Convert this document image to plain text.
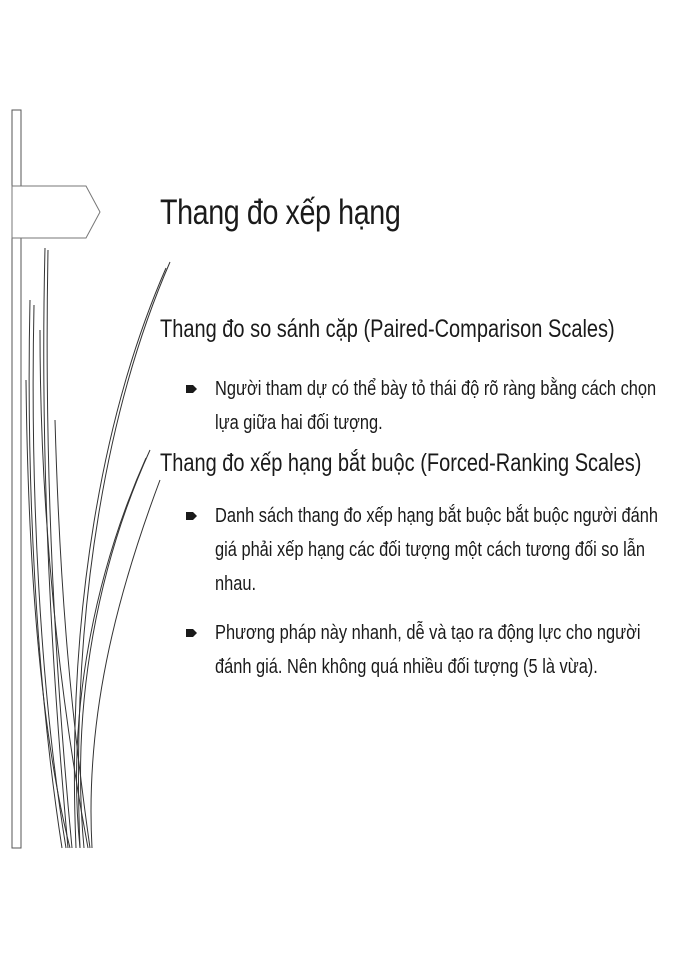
Thang đo xếp hạng
Thang đo so sánh cặp (Paired-Comparison Scales)
Người tham dự có thể bày tỏ thái độ rõ ràng bằng cách chọn lựa giữa hai đối tượng.
Thang đo xếp hạng bắt buộc (Forced-Ranking Scales)
Danh sách thang đo xếp hạng bắt buộc bắt buộc người đánh giá phải xếp hạng các đối tượng một cách tương đối so lẫn nhau.
Phương pháp này nhanh, dễ và tạo ra động lực cho người đánh giá. Nên không quá nhiều đối tượng (5 là vừa).
